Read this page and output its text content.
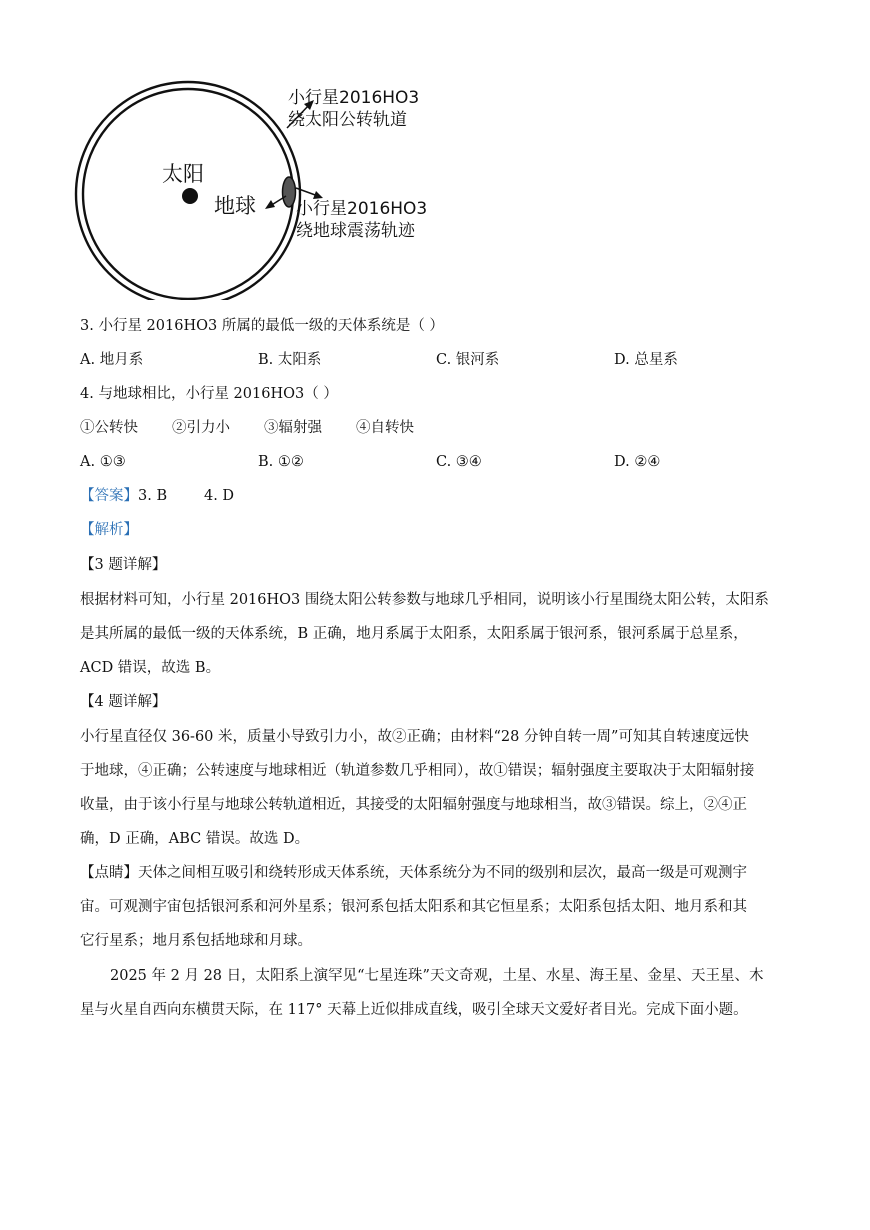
小行星2016HO3
绕太阳公转轨道
太阳
地球 小行星2016HO3
绕地球震荡轨迹
3. 小行星 2016HO3 所属的最低一级的天体系统是（ ）
A. 地月系	B. 太阳系	C. 银河系	D. 总星系
4. 与地球相比，小行星 2016HO3（ ）
①公转快 ②引力小 ③辐射强 ④自转快
A. ①③	B. ①②	C. ③④	D. ②④
【答案】3. B        4. D
【解析】
【3 题详解】
根据材料可知，小行星 2016HO3 围绕太阳公转参数与地球几乎相同，说明该小行星围绕太阳公转，太阳系
是其所属的最低一级的天体系统，B 正确，地月系属于太阳系，太阳系属于银河系，银河系属于总星系，
ACD 错误，故选 B。
【4 题详解】
小行星直径仅 36-60 米，质量小导致引力小，故②正确；由材料“28 分钟自转一周”可知其自转速度远快
于地球，④正确；公转速度与地球相近（轨道参数几乎相同），故①错误；辐射强度主要取决于太阳辐射接
收量，由于该小行星与地球公转轨道相近，其接受的太阳辐射强度与地球相当，故③错误。综上，②④正
确，D 正确，ABC 错误。故选 D。
【点睛】天体之间相互吸引和绕转形成天体系统，天体系统分为不同的级别和层次，最高一级是可观测宇
宙。可观测宇宙包括银河系和河外星系；银河系包括太阳系和其它恒星系；太阳系包括太阳、地月系和其
它行星系；地月系包括地球和月球。
2025 年 2 月 28 日，太阳系上演罕见“七星连珠”天文奇观，土星、水星、海王星、金星、天王星、木
星与火星自西向东横贯天际，在 117° 天幕上近似排成直线，吸引全球天文爱好者目光。完成下面小题。
